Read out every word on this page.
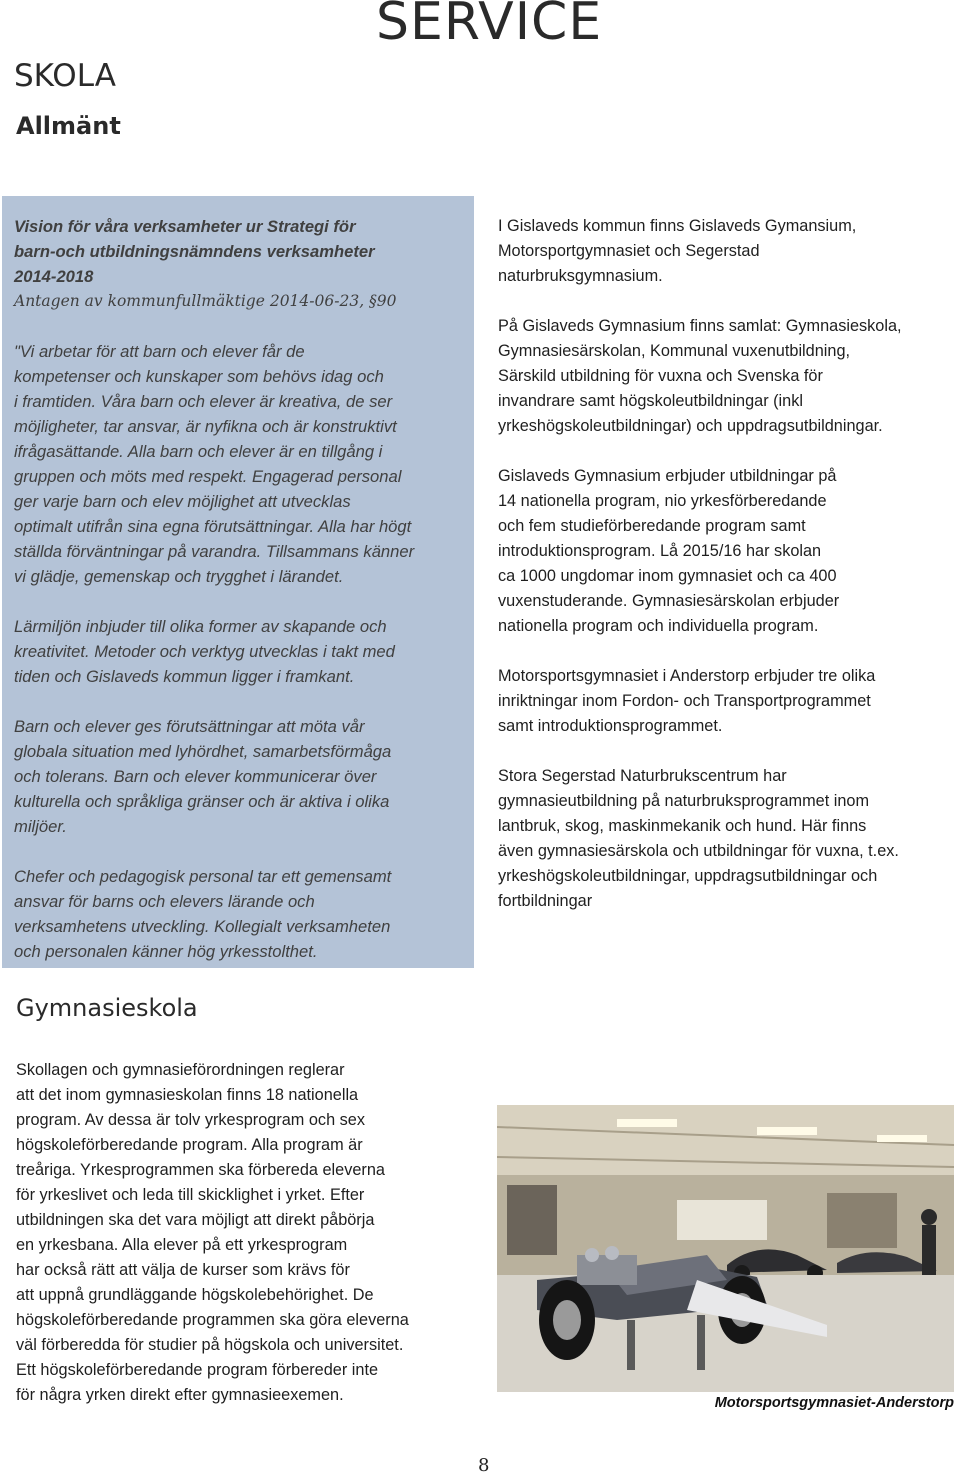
SERVICE
SKOLA
Allmänt

Vision för våra verksamheter ur Strategi för

barn-och utbildningsnämndens verksamheter

2014-2018

Antagen av kommunfullmäktige 2014-06-23, §90

"Vi arbetar för att barn och elever får de

kompetenser och kunskaper som behövs idag och

i framtiden. Våra barn och elever är kreativa, de ser

möjligheter, tar ansvar, är nyfikna och är konstruktivt

ifrågasättande. Alla barn och elever är en tillgång i

gruppen och möts med respekt. Engagerad personal

ger varje barn och elev möjlighet att utvecklas

optimalt utifrån sina egna förutsättningar. Alla har högt

ställda förväntningar på varandra. Tillsammans känner

vi glädje, gemenskap och trygghet i lärandet.

Lärmiljön inbjuder till olika former av skapande och

kreativitet. Metoder och verktyg utvecklas i takt med

tiden och Gislaveds kommun ligger i framkant.

Barn och elever ges förutsättningar att möta vår

globala situation med lyhördhet, samarbetsförmåga

och tolerans. Barn och elever kommunicerar över

kulturella och språkliga gränser och är aktiva i olika

miljöer.

Chefer och pedagogisk personal tar ett gemensamt

ansvar för barns och elevers lärande och

verksamhetens utveckling. Kollegialt verksamheten

och personalen känner hög yrkesstolthet.

I Gislaveds kommun finns Gislaveds Gymansium,

Motorsportgymnasiet och Segerstad

naturbruksgymnasium.

På Gislaveds Gymnasium finns samlat: Gymnasieskola,

Gymnasiesärskolan, Kommunal vuxenutbildning,

Särskild utbildning för vuxna och Svenska för

invandrare samt högskoleutbildningar (inkl

yrkeshögskoleutbildningar) och uppdragsutbildningar.

Gislaveds Gymnasium erbjuder utbildningar på

14 nationella program, nio yrkesförberedande

och fem studieförberedande program samt

introduktionsprogram. Lå 2015/16 har skolan

ca 1000 ungdomar inom gymnasiet och ca 400

vuxenstuderande. Gymnasiesärskolan erbjuder

nationella program och individuella program.

Motorsportsgymnasiet i Anderstorp erbjuder tre olika

inriktningar inom Fordon- och Transportprogrammet

samt introduktionsprogrammet.

Stora Segerstad Naturbrukscentrum har

gymnasieutbildning på naturbruksprogrammet inom

lantbruk, skog, maskinmekanik och hund. Här finns

även gymnasiesärskola och utbildningar för vuxna, t.ex.

yrkeshögskoleutbildningar, uppdragsutbildningar och

fortbildningar

Gymnasieskola

Skollagen och gymnasieförordningen reglerar

att det inom gymnasieskolan finns 18 nationella

program. Av dessa är tolv yrkesprogram och sex

högskoleförberedande program. Alla program är

treåriga. Yrkesprogrammen ska förbereda eleverna

för yrkeslivet och leda till skicklighet i yrket. Efter

utbildningen ska det vara möjligt att direkt påbörja

en yrkesbana. Alla elever på ett yrkesprogram

har också rätt att välja de kurser som krävs för

att uppnå grundläggande högskolebehörighet. De

högskoleförberedande programmen ska göra eleverna

väl förberedda för studier på högskola och universitet.

Ett högskoleförberedande program förbereder inte

för några yrken direkt efter gymnasieexemen.	Motorsportsgymnasiet-Anderstorp
8
